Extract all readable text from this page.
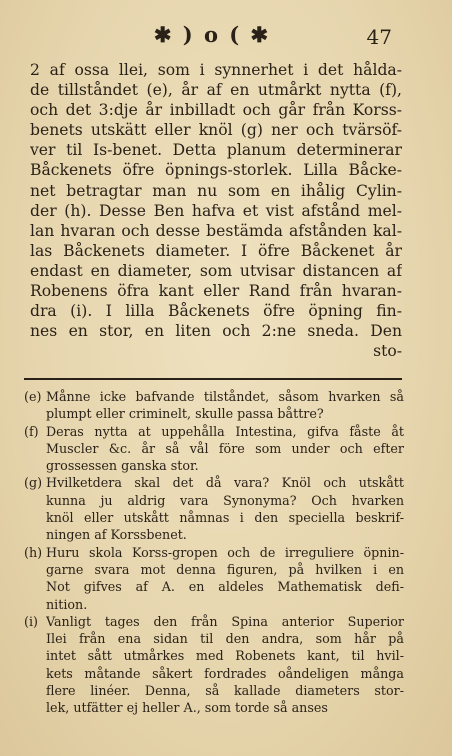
✱ ) o ( ✱	47
2 af ossa llei, som i synnerhet i det hålda-
de tillståndet (e), år af en utmårkt nytta (f),
och det 3:dje år inbilladt och går från Korss-
benets utskätt eller knöl (g) ner och tvärsöf-
ver til Is-benet. Detta planum determinerar
Båckenets öfre öpnings-storlek. Lilla Båcke-
net betragtar man nu som en ihålig Cylin-
der (h). Desse Ben hafva et vist afstånd mel-
lan hvaran och desse bestämda afstånden kal-
las Båckenets diameter. I öfre Båckenet år
endast en diameter, som utvisar distancen af
Robenens öfra kant eller Rand från hvaran-
dra (i). I lilla Båckenets öfre öpning fin-
nes en stor, en liten och 2:ne sneda. Den
sto-
(e) Månne icke bafvande tilståndet, såsom hvarken så
plumpt eller criminelt, skulle passa båttre?
(f) Deras nytta at uppehålla Intestina, gifva fåste åt
Muscler &c. år så vål före som under och efter
grossessen ganska stor.
(g) Hvilketdera skal det då vara? Knöl och utskått
kunna ju aldrig vara Synonyma? Och hvarken
knöl eller utskått nåmnas i den speciella beskrif-
ningen af Korssbenet.
(h) Huru skola Korss-gropen och de irreguliere öpnin-
garne svara mot denna figuren, på hvilken i en
Not gifves af A. en aldeles Mathematisk defi-
nition.
(i) Vanligt tages den från Spina anterior Superior
Ilei från ena sidan til den andra, som hår på
intet sått utmårkes med Robenets kant, til hvil-
kets måtande såkert fordrades oåndeligen många
flere linéer. Denna, så kallade diameters stor-
lek, utfätter ej heller A., som torde så anses
